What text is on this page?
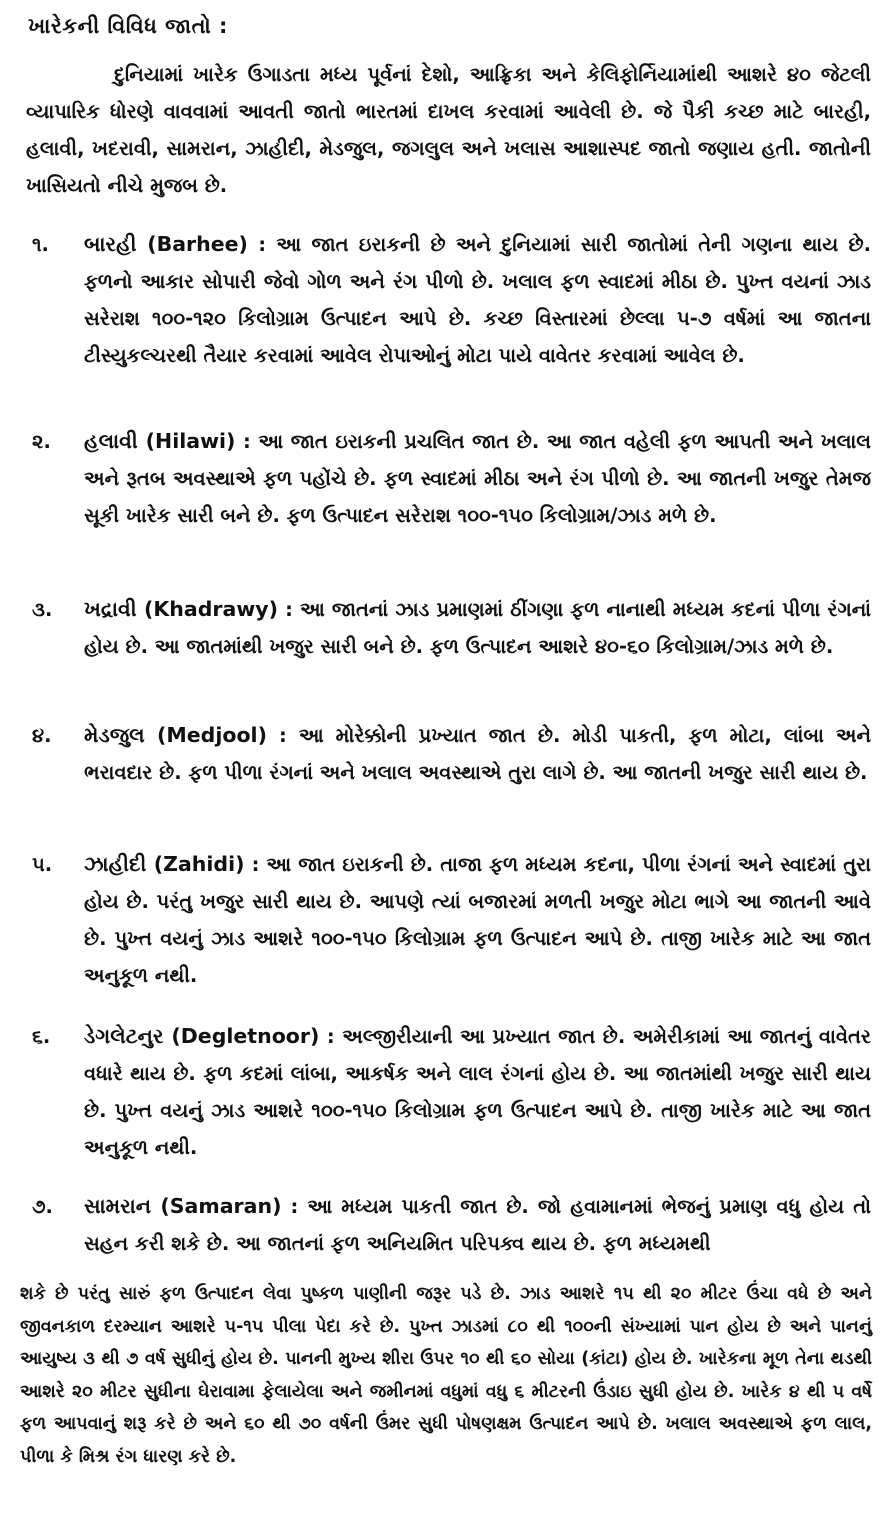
ખારેકની વિવિધ જાતો :
દુનિયામાં ખારેક ઉગાડતા મધ્ય પૂર્વનાં દેશો, આફ્રિકા અને કેલિફોર્નિયામાંથી આશરે ૪૦ જેટલી વ્યાપારિક ધોરણે વાવવામાં આવતી જાતો ભારતમાં દાખલ કરવામાં આવેલી છે. જે પૈકી કચ્છ માટે બારહી, હલાવી, ખદરાવી, સામરાન, ઝાહીદી, મેડજુલ, જગલુલ અને ખલાસ આશાસ્પદ જાતો જણાય હતી. જાતોની ખાસિયતો નીચે મુજબ છે.
૧.	બારહી (Barhee) : આ જાત ઇરાકની છે અને દુનિયામાં સારી જાતોમાં તેની ગણના થાય છે. ફળનો આકાર સોપારી જેવો ગોળ અને રંગ પીળો છે. ખલાલ ફળ સ્વાદમાં મીઠા છે. પુખ્ત વયનાં ઝાડ સરેરાશ ૧૦૦-૧૨૦ કિલોગ્રામ ઉત્પાદન આપે છે. કચ્છ વિસ્તારમાં છેલ્લા ૫-૭ વર્ષમાં આ જાતના ટીસ્યુકલ્ચરથી તૈયાર કરવામાં આવેલ રોપાઓનું મોટા પાયે વાવેતર કરવામાં આવેલ છે.
૨.	હલાવી (Hilawi) : આ જાત ઇરાકની પ્રચલિત જાત છે. આ જાત વહેલી ફળ આપતી અને ખલાલ અને રૂતબ અવસ્થાએ ફળ પહોંચે છે. ફળ સ્વાદમાં મીઠા અને રંગ પીળો છે. આ જાતની ખજુર તેમજ સૂકી ખારેક સારી બને છે. ફળ ઉત્પાદન સરેરાશ ૧૦૦-૧૫૦ કિલોગ્રામ/ઝાડ મળે છે.
૩.	ખદ્રાવી (Khadrawy) : આ જાતનાં ઝાડ પ્રમાણમાં ઠીંગણા ફળ નાનાથી મધ્યમ કદનાં પીળા રંગનાં હોય છે. આ જાતમાંથી ખજુર સારી બને છે. ફળ ઉત્પાદન આશરે ૪૦-૬૦ કિલોગ્રામ/ઝાડ મળે છે.
૪.	મેડજુલ (Medjool) : આ મોરેક્કોની પ્રખ્યાત જાત છે. મોડી પાકતી, ફળ મોટા, લાંબા અને ભરાવદાર છે. ફળ પીળા રંગનાં અને ખલાલ અવસ્થાએ તુરા લાગે છે. આ જાતની ખજુર સારી થાય છે.
૫.	ઝાહીદી (Zahidi) : આ જાત ઇરાકની છે. તાજા ફળ મધ્યમ કદના, પીળા રંગનાં અને સ્વાદમાં તુરા હોય છે. પરંતુ ખજુર સારી થાય છે. આપણે ત્યાં બજારમાં મળતી ખજુર મોટા ભાગે આ જાતની આવે છે. પુખ્ત વયનું ઝાડ આશરે ૧૦૦-૧૫૦ કિલોગ્રામ ફળ ઉત્પાદન આપે છે. તાજી ખારેક માટે આ જાત અનુકૂળ નથી.
૬.	ડેગલેટનુર (Degletnoor) : અલ્જીરીયાની આ પ્રખ્યાત જાત છે. અમેરીકામાં આ જાતનું વાવેતર વધારે થાય છે. ફળ કદમાં લાંબા, આકર્ષક અને લાલ રંગનાં હોય છે. આ જાતમાંથી ખજુર સારી થાય છે. પુખ્ત વયનું ઝાડ આશરે ૧૦૦-૧૫૦ કિલોગ્રામ ફળ ઉત્પાદન આપે છે. તાજી ખારેક માટે આ જાત અનુકૂળ નથી.
૭.	સામરાન (Samaran) : આ મધ્યમ પાકતી જાત છે. જો હવામાનમાં ભેજનું પ્રમાણ વધુ હોય તો સહન કરી શકે છે. આ જાતનાં ફળ અનિયમિત પરિપક્વ થાય છે. ફળ મધ્યમથી
શકે છે પરંતુ સારું ફળ ઉત્પાદન લેવા પુષ્કળ પાણીની જરૂર પડે છે. ઝાડ આશરે ૧૫ થી ૨૦ મીટર ઉંચા વધે છે અને જીવનકાળ દરમ્યાન આશરે ૫-૧૫ પીલા પેદા કરે છે. પુખ્ત ઝાડમાં ૮૦ થી ૧૦૦ની સંખ્યામાં પાન હોય છે અને પાનનું આયુષ્ય ૩ થી ૭ વર્ષ સુધીનું હોય છે. પાનની મુખ્ય શીરા ઉપર ૧૦ થી ૬૦ સોયા (કાંટા) હોય છે. ખારેકના મૂળ તેના થડથી આશરે ૨૦ મીટર સુધીના ઘેરાવામા ફેલાયેલા અને જમીનમાં વધુમાં વધુ ૬ મીટરની ઉંડાઇ સુધી હોય છે. ખારેક ૪ થી ૫ વર્ષે ફળ આપવાનું શરૂ કરે છે અને ૬૦ થી ૭૦ વર્ષની ઉંમર સુધી પોષણક્ષમ ઉત્પાદન આપે છે. ખલાલ અવસ્થાએ ફળ લાલ, પીળા કે મિશ્ર રંગ ધારણ કરે છે.
